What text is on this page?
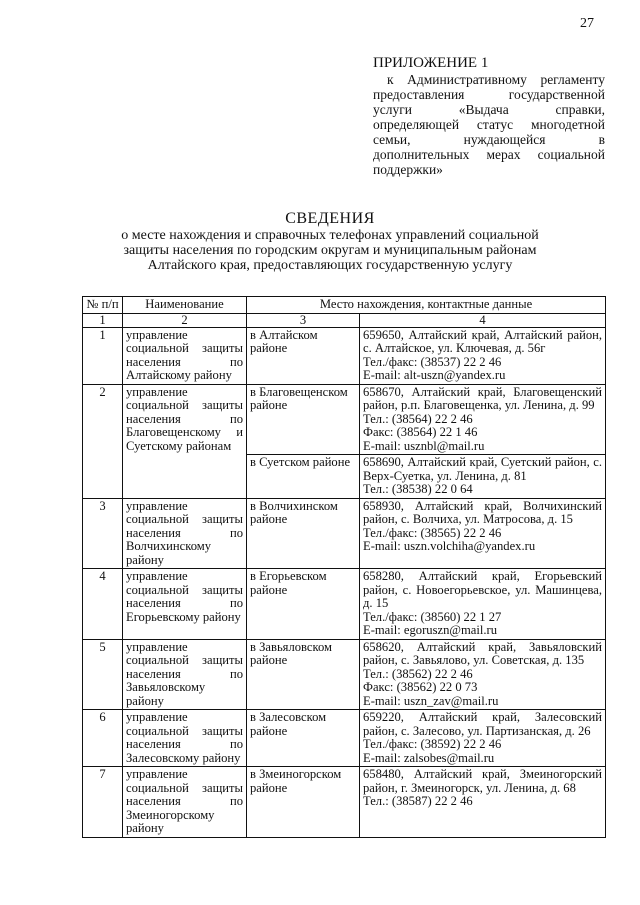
27
ПРИЛОЖЕНИЕ 1
к Административному регламенту предоставления государственной услуги «Выдача справки, определяющей статус многодетной семьи, нуждающейся в дополнительных мерах социальной поддержки»
СВЕДЕНИЯ
о месте нахождения и справочных телефонах управлений социальной защиты населения по городским округам и муниципальным районам Алтайского края, предоставляющих государственную услугу
№ п/п	Наименование	Место нахождения, контактные данные	
1	2	3	4
1	управление социальной защиты населения по Алтайскому району	в Алтайском районе	659650, Алтайский край, Алтайский район, с. Алтайское, ул. Ключевая, д. 56г
Тел./факс: (38537) 22 2 46
E-mail: alt-uszn@yandex.ru

2	управление социальной защиты населения по Благовещенскому и Суетскому районам	в Благовещенском районе	658670, Алтайский край, Благовещенский район, р.п. Благовещенка, ул. Ленина, д. 99
Тел.: (38564) 22 2 46
Факс: (38564) 22 1 46
E-mail: usznbl@mail.ru

		в Суетском районе	658690, Алтайский край, Суетский район, с. Верх-Суетка, ул. Ленина, д. 81
Тел.: (38538) 22 0 64

3	управление социальной защиты населения по Волчихинскому району	в Волчихинском районе	658930, Алтайский край, Волчихинский район, с. Волчиха, ул. Матросова, д. 15
Тел./факс: (38565) 22 2 46
E-mail: uszn.volchiha@yandex.ru

4	управление социальной защиты населения по Егорьевскому району	в Егорьевском районе	658280, Алтайский край, Егорьевский район, с. Новоегорьевское, ул. Машинцева, д. 15
Тел./факс: (38560) 22 1 27
E-mail: egoruszn@mail.ru

5	управление социальной защиты населения по Завьяловскому району	в Завьяловском районе	658620, Алтайский край, Завьяловский район, с. Завьялово, ул. Советская, д. 135
Тел.: (38562) 22 2 46
Факс: (38562) 22 0 73
E-mail: uszn_zav@mail.ru

6	управление социальной защиты населения по Залесовскому району	в Залесовском районе	659220, Алтайский край, Залесовский район, с. Залесово, ул. Партизанская, д. 26
Тел./факс: (38592) 22 2 46
E-mail: zalsobes@mail.ru

7	управление социальной защиты населения по Змеиногорскому району	в Змеиногорском районе	658480, Алтайский край, Змеиногорский район, г. Змеиногорск, ул. Ленина, д. 68
Тел.: (38587) 22 2 46
